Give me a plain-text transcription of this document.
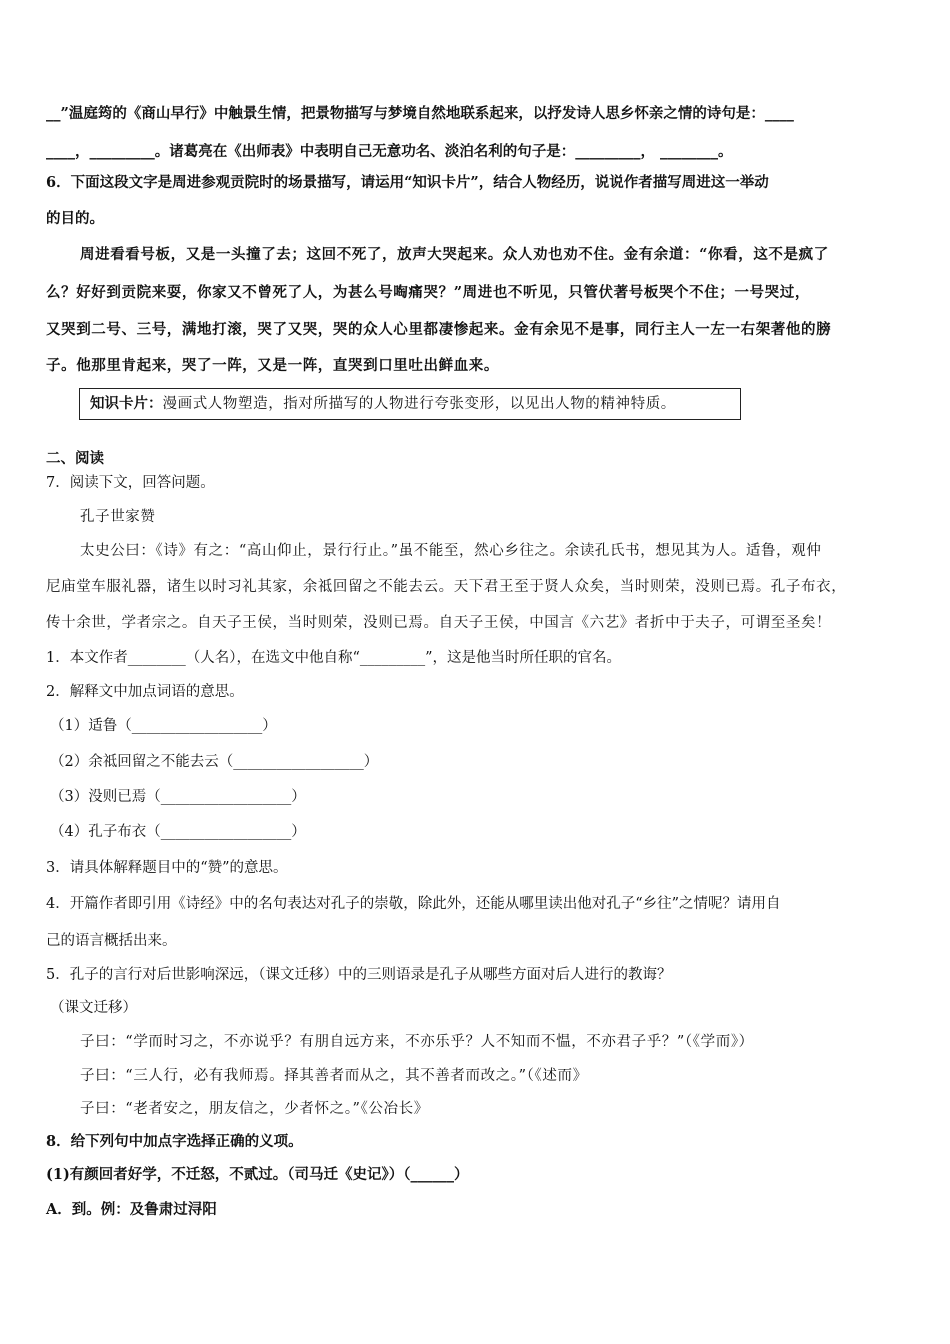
__”温庭筠的《商山早行》中触景生情，把景物描写与梦境自然地联系起来，以抒发诗人思乡怀亲之情的诗句是：____
____，_________。诸葛亮在《出师表》中表明自己无意功名、淡泊名利的句子是：_________， ________。
6．下面这段文字是周进参观贡院时的场景描写，请运用“知识卡片”，结合人物经历，说说作者描写周进这一举动
的目的。
周进看看号板，又是一头撞了去；这回不死了，放声大哭起来。众人劝也劝不住。金有余道：“你看，这不是疯了
么？好好到贡院来耍，你家又不曾死了人，为甚么号啕痛哭？”周进也不听见，只管伏著号板哭个不住；一号哭过，
又哭到二号、三号，满地打滚，哭了又哭，哭的众人心里都凄惨起来。金有余见不是事，同行主人一左一右架著他的膀
子。他那里肯起来，哭了一阵，又是一阵，直哭到口里吐出鲜血来。
知识卡片：漫画式人物塑造，指对所描写的人物进行夸张变形，以见出人物的精神特质。
二、阅读
7．阅读下文，回答问题。
孔子世家赞
太史公曰：《诗》有之：“高山仰止，景行行止。”虽不能至，然心乡往之。余读孔氏书，想见其为人。适鲁，观仲
尼庙堂车服礼器，诸生以时习礼其家，余祗回留之不能去云。天下君王至于贤人众矣，当时则荣，没则已焉。孔子布衣，
传十余世，学者宗之。自天子王侯，当时则荣，没则已焉。自天子王侯，中国言《六艺》者折中于夫子，可谓至圣矣！
1．本文作者________（人名），在选文中他自称“_________”，这是他当时所任职的官名。
2．解释文中加点词语的意思。
（1）适鲁（__________________）
（2）余祗回留之不能去云（__________________）
（3）没则已焉（__________________）
（4）孔子布衣（__________________）
3．请具体解释题目中的“赞”的意思。
4．开篇作者即引用《诗经》中的名句表达对孔子的崇敬，除此外，还能从哪里读出他对孔子“乡往”之情呢？请用自
己的语言概括出来。
5．孔子的言行对后世影响深远，（课文迁移）中的三则语录是孔子从哪些方面对后人进行的教诲？
（课文迁移）
子曰：“学而时习之，不亦说乎？有朋自远方来，不亦乐乎？人不知而不愠，不亦君子乎？”（《学而》）
子曰：“三人行，必有我师焉。择其善者而从之，其不善者而改之。”（《述而》
子曰：“老者安之，朋友信之，少者怀之。”《公冶长》
8．给下列句中加点字选择正确的义项。
(1)有颜回者好学，不迁怒，不贰过。（司马迁《史记》）（______）
A．到。例：及鲁肃过浔阳
